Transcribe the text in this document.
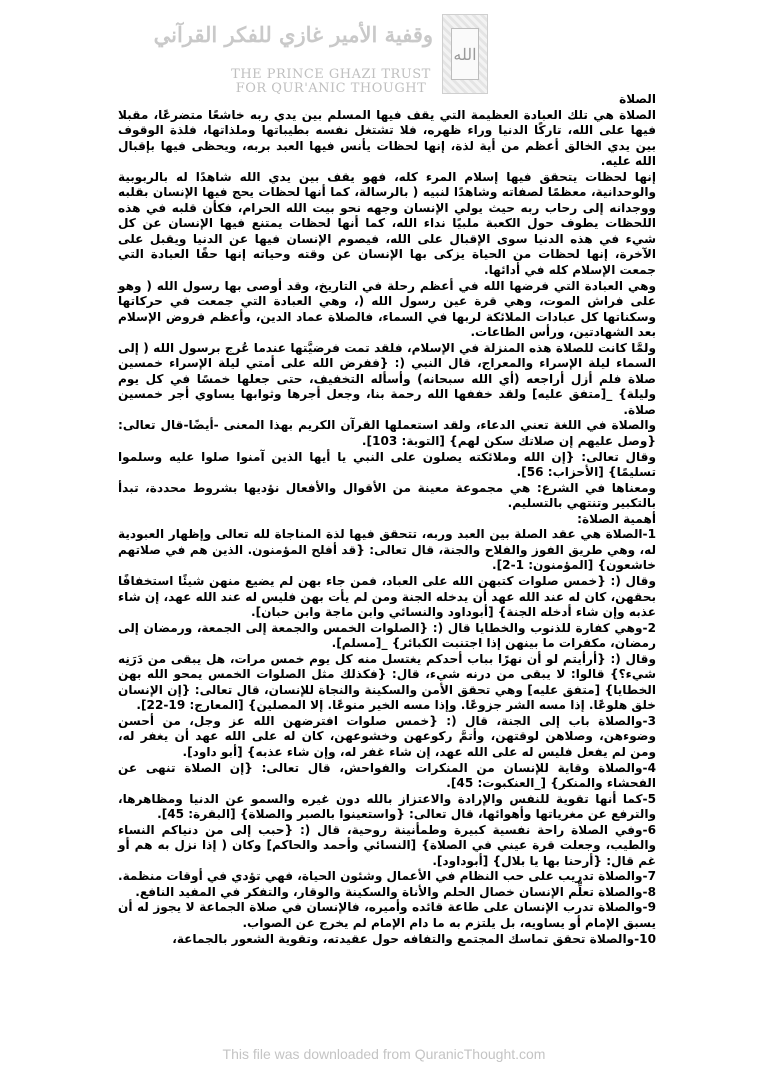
الله
وقفية الأمير غازي للفكر القرآني
THE PRINCE GHAZI TRUST
FOR QUR'ANIC THOUGHT

الصلاة

الصلاة هي تلك العبادة العظيمة التي يقف فيها المسلم بين يدي ربه خاشعًا متضرعًا، مقبلا فيها على الله، تاركًا الدنيا وراء ظهره، فلا تشتغل نفسه بطيباتها وملذاتها، فلذة الوقوف بين يدي الخالق أعظم من أية لذة، إنها لحظات يأنس فيها العبد بربه، ويحظى فيها بإقبال الله عليه.

إنها لحظات يتحقق فيها إسلام المرء كله، فهو يقف بين يدي الله شاهدًا له بالربوبية والوحدانية، معظمًا لصفاته وشاهدًا لنبيه ( بالرسالة، كما أنها لحظات يحج فيها الإنسان بقلبه ووجدانه إلى رحاب ربه حيث يولي الإنسان وجهه نحو بيت الله الحرام، فكأن قلبه في هذه اللحظات يطوف حول الكعبة ملبيًا نداء الله، كما أنها لحظات يمتنع فيها الإنسان عن كل شيء في هذه الدنيا سوى الإقبال على الله، فيصوم الإنسان فيها عن الدنيا ويقبل على الآخرة، إنها لحظات من الحياة يزكى بها الإنسان عن وقته وحياته إنها حقًا العبادة التي جمعت الإسلام كله في أدائها.

وهي العبادة التي فرضها الله في أعظم رحلة في التاريخ، وقد أوصى بها رسول الله ( وهو على فراش الموت، وهي قرة عين رسول الله (، وهي العبادة التي جمعت في حركاتها وسكناتها كل عبادات الملائكة لربها في السماء، فالصلاة عماد الدين، وأعظم فروض الإسلام بعد الشهادتين، ورأس الطاعات.

ولمَّا كانت للصلاة هذه المنزلة في الإسلام، فلقد تمت فرضيَّتها عندما عُرج برسول الله ( إلى السماء ليلة الإسراء والمعراج، قال النبي (: {ففرض الله على أمتي ليلة الإسراء خمسين صلاة فلم أزل أراجعه (أي الله سبحانه) وأسأله التخفيف، حتى جعلها خمسًا في كل يوم وليلة} _[متفق عليه] ولقد خففها الله رحمة بنا، وجعل أجرها وثوابها يساوي أجر خمسين صلاة.

والصلاة في اللغة تعني الدعاء، ولقد استعملها القرآن الكريم بهذا المعنى -أيضًا-قال تعالى: {وصل عليهم إن صلاتك سكن لهم} [التوبة: 103].

وقال تعالى: {إن الله وملائكته يصلون على النبي يا أيها الذين آمنوا صلوا عليه وسلموا تسليمًا} [الأحزاب: 56].

ومعناها في الشرع: هي مجموعة معينة من الأقوال والأفعال نؤديها بشروط محددة، تبدأ بالتكبير وتنتهي بالتسليم.

أهمية الصلاة:

1-الصلاة هي عقد الصلة بين العبد وربه، تتحقق فيها لذة المناجاة لله تعالى وإظهار العبودية له، وهي طريق الفوز والفلاح والجنة، قال تعالى: {قد أفلح المؤمنون. الذين هم في صلاتهم خاشعون} [المؤمنون: 1-2].

وقال (: {خمس صلوات كتبهن الله على العباد، فمن جاء بهن لم يضيع منهن شيئًا استخفافًا بحقهن، كان له عند الله عهد أن يدخله الجنة ومن لم يأت بهن فليس له عند الله عهد، إن شاء عذبه وإن شاء أدخله الجنة} [أبوداود والنسائي وابن ماجة وابن حبان].

2-وهي كفارة للذنوب والخطايا قال (: {الصلوات الخمس والجمعة إلى الجمعة، ورمضان إلى رمضان، مكفرات ما بينهن إذا اجتنبت الكبائر} _[مسلم].

وقال (: {أرأيتم لو أن نهرًا بباب أحدكم يغتسل منه كل يوم خمس مرات، هل يبقى من دَرَنِه شيء؟} قالوا: لا يبقى من درنه شيء، قال: {فكذلك مثل الصلوات الخمس يمحو الله بهن الخطايا} [متفق عليه] وهي تحقق الأمن والسكينة والنجاة للإنسان، قال تعالى: {إن الإنسان خلق هلوعًا. إذا مسه الشر جزوعًا. وإذا مسه الخير منوعًا. إلا المصلين} [المعارج: 19-22].

3-والصلاة باب إلى الجنة، قال (: {خمس صلوات افترضهن الله عز وجل، من أحسن وضوءهن، وصلاهن لوقتهن، وأتمَّ ركوعهن وخشوعهن، كان له على الله عهد أن يغفر له، ومن لم يفعل فليس له على الله عهد، إن شاء غفر له، وإن شاء عذبه} [أبو داود].

4-والصلاة وقاية للإنسان من المنكرات والفواحش، قال تعالى: {إن الصلاة تنهى عن الفحشاء والمنكر} [_العنكبوت: 45].

5-كما أنها تقوية للنفس والإرادة والاعتزاز بالله دون غيره والسمو عن الدنيا ومظاهرها، والترفع عن مغرياتها وأهوائها، قال تعالى: {واستعينوا بالصبر والصلاة} [البقرة: 45].

6-وفي الصلاة راحة نفسية كبيرة وطمأنينة روحية، قال (: {حبب إلى من دنياكم النساء والطيب، وجعلت قرة عيني في الصلاة} [النسائي وأحمد والحاكم] وكان ( إذا نزل به هم أو غم قال: {أرحنا بها يا بلال} [أبوداود].

7-والصلاة تدريب على حب النظام في الأعمال وشئون الحياة، فهي تؤدي في أوقات منظمة.

8-والصلاة تعلِّم الإنسان خصال الحلم والأناة والسكينة والوقار، والتفكر في المفيد النافع.

9-والصلاة تدرب الإنسان على طاعة قائده وأميره، فالإنسان في صلاة الجماعة لا يجوز له أن يسبق الإمام أو يساويه، بل يلتزم به ما دام الإمام لم يخرج عن الصواب.

10-والصلاة تحقق تماسك المجتمع والتفافه حول عقيدته، وتقوية الشعور بالجماعة،

This file was downloaded from QuranicThought.com
